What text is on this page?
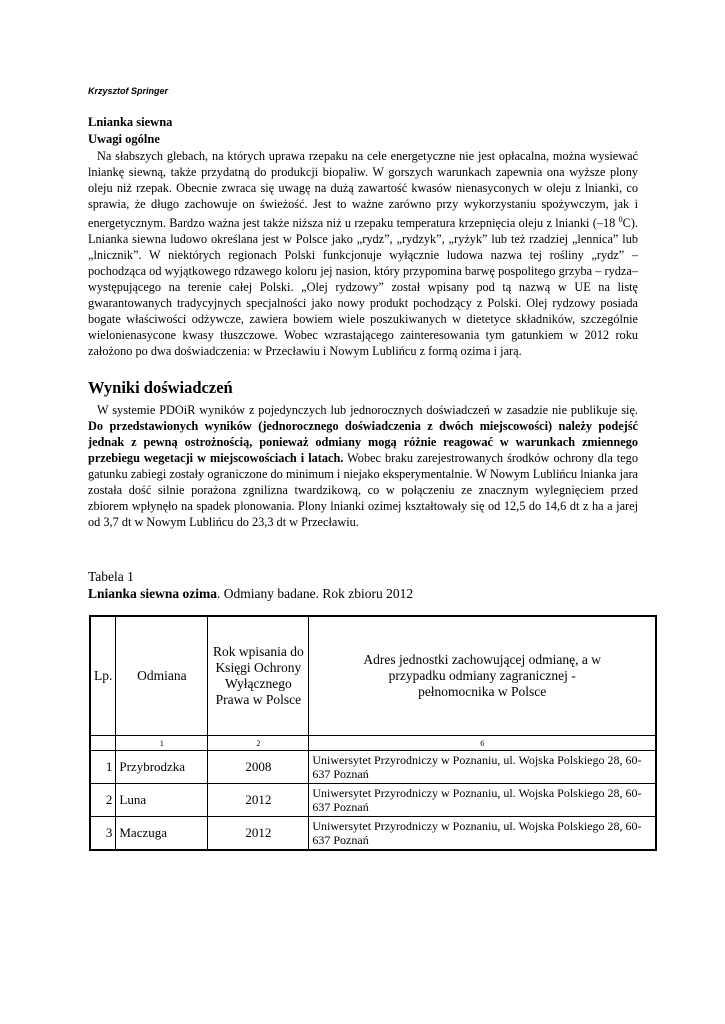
Krzysztof Springer
Lnianka siewna
Uwagi ogólne

Na słabszych glebach, na których uprawa rzepaku na cele energetyczne nie jest opłacalna, można wysiewać lniankę siewną, także przydatną do produkcji biopaliw. W gorszych warunkach zapewnia ona wyższe plony oleju niż rzepak. Obecnie zwraca się uwagę na dużą zawartość kwasów nienasyconych w oleju z lnianki, co sprawia, że długo zachowuje on świeżość. Jest to ważne zarówno przy wykorzystaniu spożywczym, jak i energetycznym. Bardzo ważna jest także niższa niż u rzepaku temperatura krzepnięcia oleju z lnianki (–18 $^0$C). Lnianka siewna ludowo określana jest w Polsce jako „rydz”, „rydzyk”, „ryżyk” lub też rzadziej „lennica” lub „lnicznik”. W niektórych regionach Polski funkcjonuje wyłącznie ludowa nazwa tej rośliny „rydz” – pochodząca od wyjątkowego rdzawego koloru jej nasion, który przypomina barwę pospolitego grzyba – rydza– występującego na terenie całej Polski. „Olej rydzowy” został wpisany pod tą nazwą w UE na listę gwarantowanych tradycyjnych specjalności jako nowy produkt pochodzący z Polski. Olej rydzowy posiada bogate właściwości odżywcze, zawiera bowiem wiele poszukiwanych w dietetyce składników, szczególnie wielonienasycone kwasy tłuszczowe. Wobec wzrastającego zainteresowania tym gatunkiem w 2012 roku założono po dwa doświadczenia: w Przecławiu i Nowym Lublińcu z formą ozima i jarą.

Wyniki doświadczeń

W systemie PDOiR wyników z pojedynczych lub jednorocznych doświadczeń w zasadzie nie publikuje się. Do przedstawionych wyników (jednorocznego doświadczenia z dwóch miejscowości) należy podejść jednak z pewną ostrożnością, ponieważ odmiany mogą różnie reagować w warunkach zmiennego przebiegu wegetacji w miejscowościach i latach. Wobec braku zarejestrowanych środków ochrony dla tego gatunku zabiegi zostały ograniczone do minimum i niejako eksperymentalnie. W Nowym Lublińcu lnianka jara została dość silnie porażona zgnilizna twardzikową, co w połączeniu ze znacznym wylegnięciem przed zbiorem wpłynęło na spadek plonowania. Plony lnianki ozimej kształtowały się od 12,5 do 14,6 dt z ha a jarej od 3,7 dt w Nowym Lublińcu do 23,3 dt w Przecławiu.

Tabela 1
Lnianka siewna ozima. Odmiany badane. Rok zbioru 2012
Lp.	Odmiana	Rok wpisania do Księgi Ochrony Wyłącznego Prawa w Polsce	Adres jednostki zachowującej odmianę, a w przypadku odmiany zagranicznej - pełnomocnika w Polsce
	1	2	6
1	Przybrodzka	2008	Uniwersytet Przyrodniczy w Poznaniu, ul. Wojska Polskiego 28, 60-637 Poznań
2	Luna	2012	Uniwersytet Przyrodniczy w Poznaniu, ul. Wojska Polskiego 28, 60-637 Poznań
3	Maczuga	2012	Uniwersytet Przyrodniczy w Poznaniu, ul. Wojska Polskiego 28, 60-637 Poznań
